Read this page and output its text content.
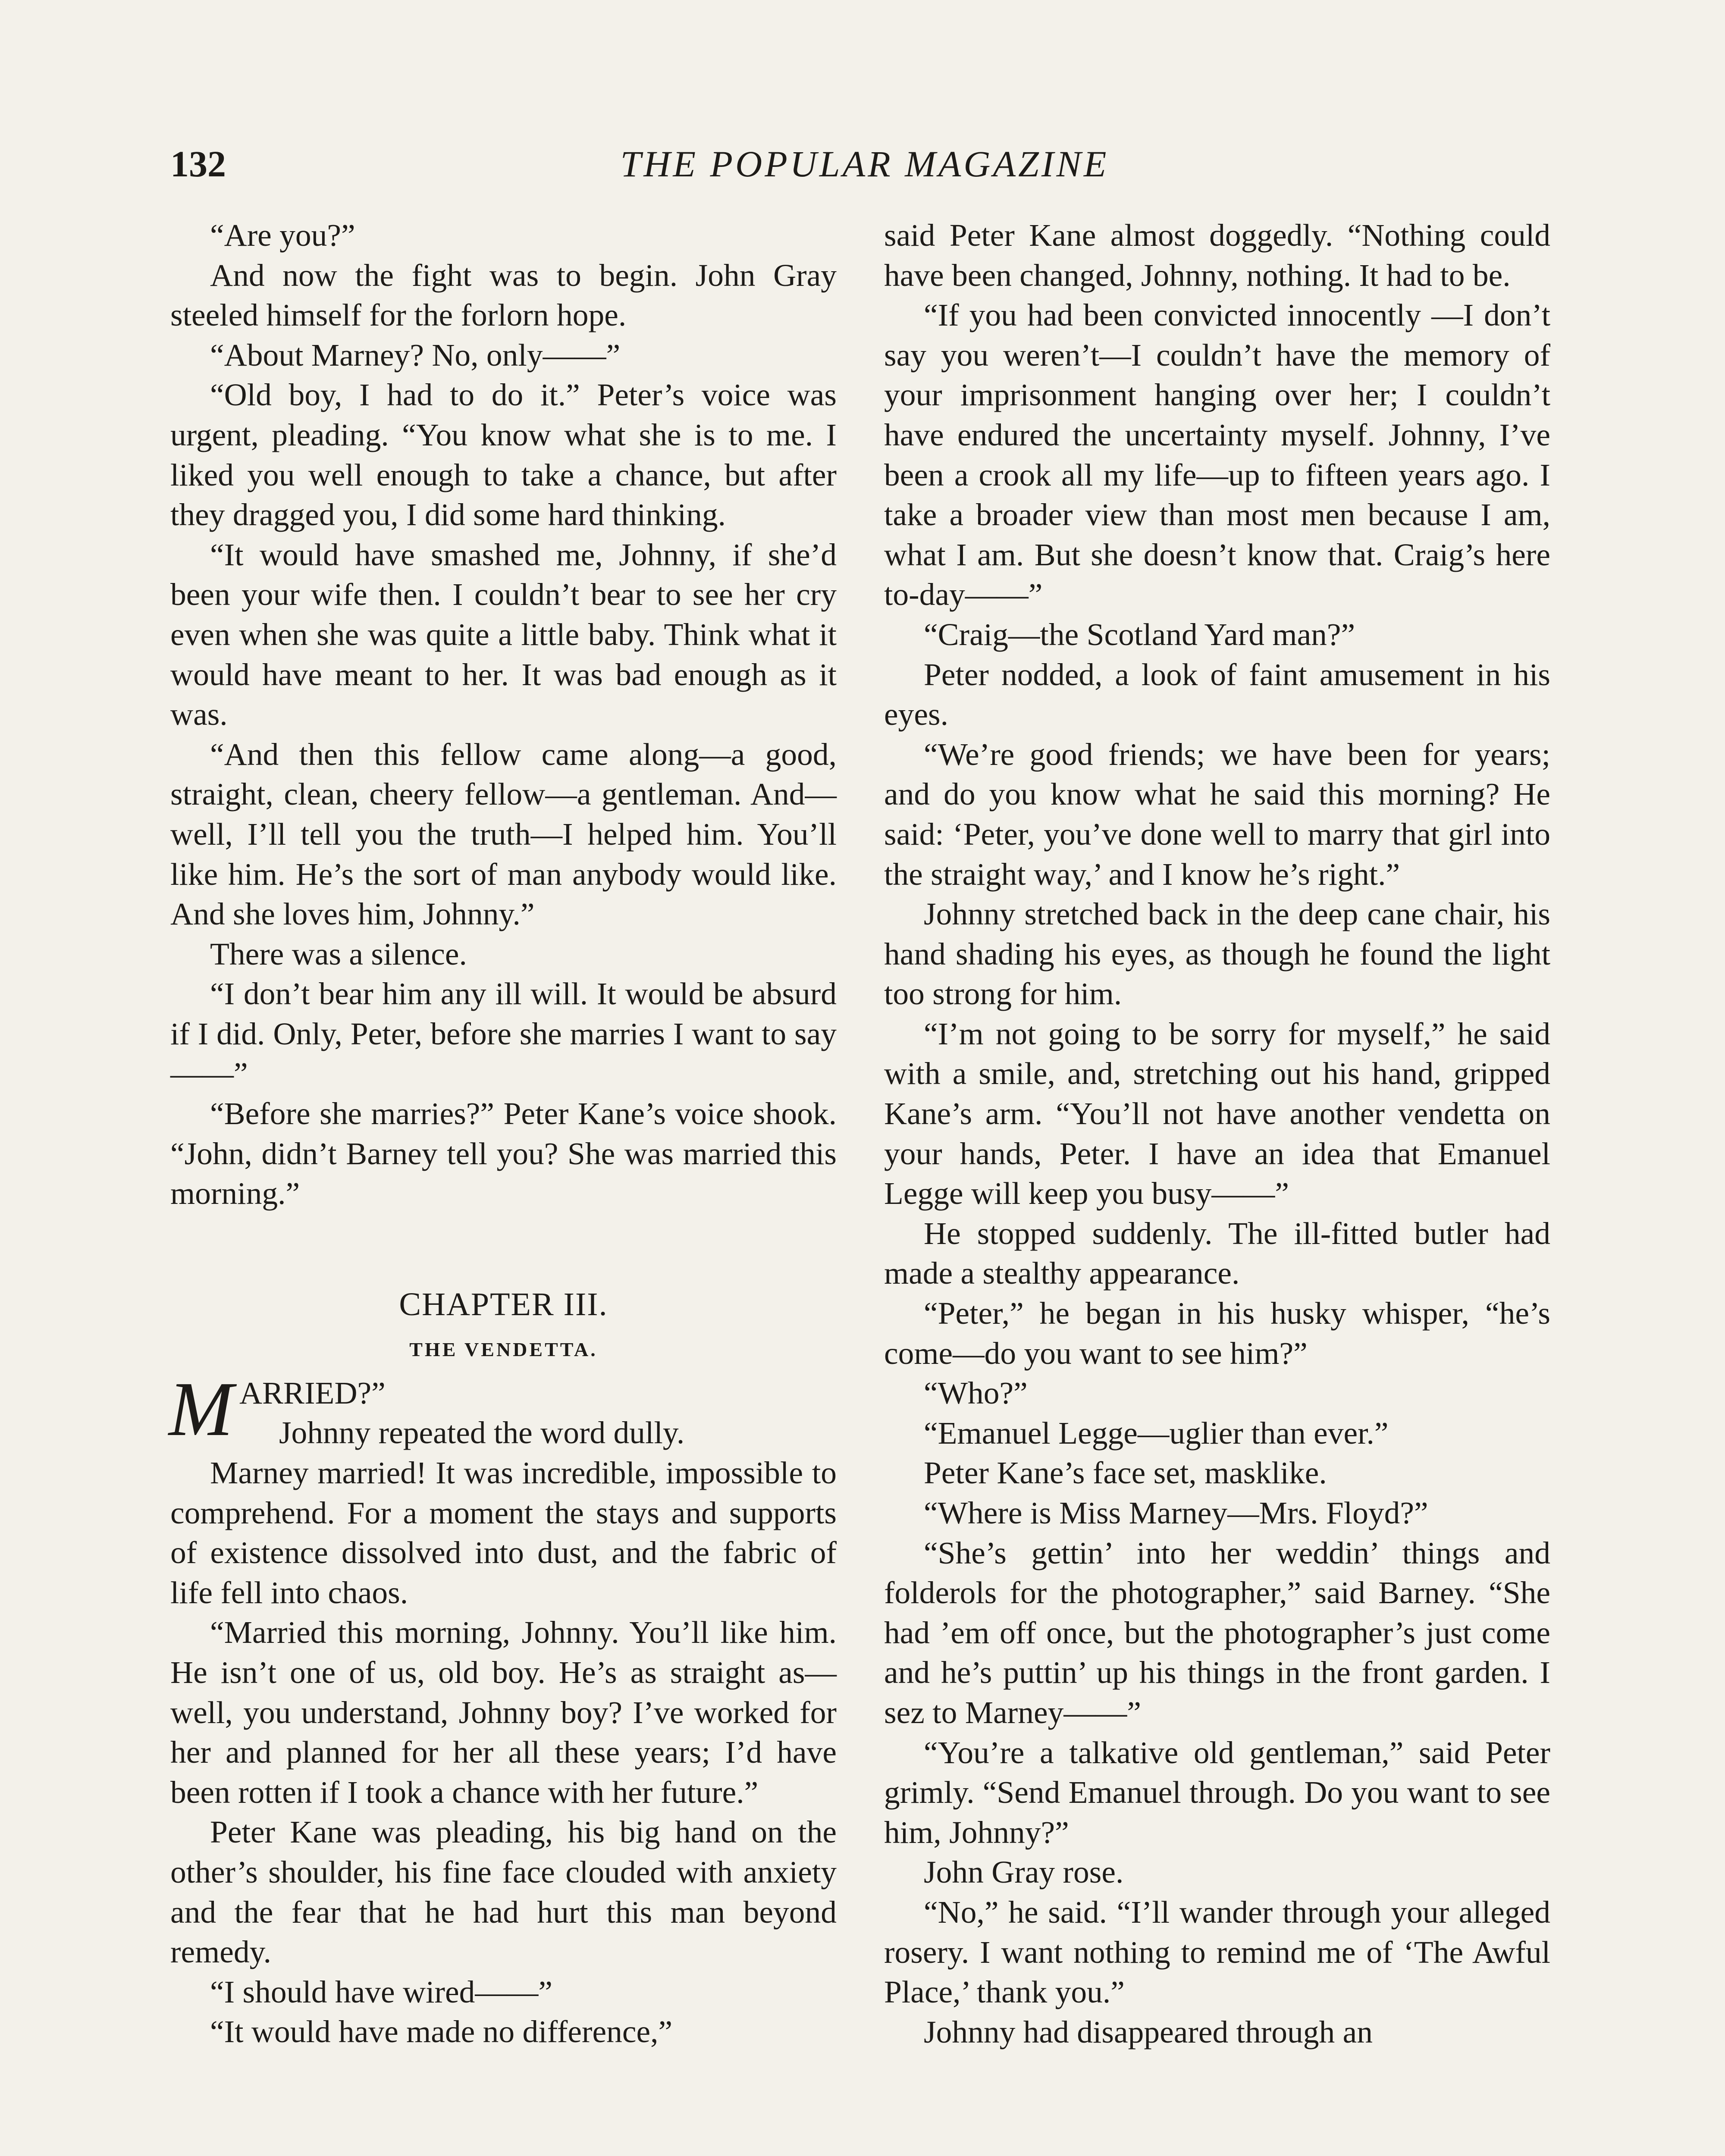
132	THE POPULAR MAGAZINE

“Are you?”

And now the fight was to begin. John Gray steeled himself for the forlorn hope.

“About Marney? No, only——”

“Old boy, I had to do it.” Peter’s voice was urgent, pleading. “You know what she is to me. I liked you well enough to take a chance, but after they dragged you, I did some hard thinking.

“It would have smashed me, Johnny, if she’d been your wife then. I couldn’t bear to see her cry even when she was quite a little baby. Think what it would have meant to her. It was bad enough as it was.

“And then this fellow came along—a good, straight, clean, cheery fellow—a gentleman. And—well, I’ll tell you the truth—I helped him. You’ll like him. He’s the sort of man anybody would like. And she loves him, Johnny.”

There was a silence.

“I don’t bear him any ill will. It would be absurd if I did. Only, Peter, before she marries I want to say——”

“Before she marries?” Peter Kane’s voice shook. “John, didn’t Barney tell you? She was married this morning.”

CHAPTER III.
THE VENDETTA.

MARRIED?”

Johnny repeated the word dully.

Marney married! It was incredible, impossible to comprehend. For a moment the stays and supports of existence dissolved into dust, and the fabric of life fell into chaos.

“Married this morning, Johnny. You’ll like him. He isn’t one of us, old boy. He’s as straight as—well, you understand, Johnny boy? I’ve worked for her and planned for her all these years; I’d have been rotten if I took a chance with her future.”

Peter Kane was pleading, his big hand on the other’s shoulder, his fine face clouded with anxiety and the fear that he had hurt this man beyond remedy.

“I should have wired——”

“It would have made no difference,”

said Peter Kane almost doggedly. “Nothing could have been changed, Johnny, nothing. It had to be.

“If you had been convicted innocently —I don’t say you weren’t—I couldn’t have the memory of your imprisonment hanging over her; I couldn’t have endured the uncertainty myself. Johnny, I’ve been a crook all my life—up to fifteen years ago. I take a broader view than most men because I am, what I am. But she doesn’t know that. Craig’s here to-day——”

“Craig—the Scotland Yard man?”

Peter nodded, a look of faint amusement in his eyes.

“We’re good friends; we have been for years; and do you know what he said this morning? He said: ‘Peter, you’ve done well to marry that girl into the straight way,’ and I know he’s right.”

Johnny stretched back in the deep cane chair, his hand shading his eyes, as though he found the light too strong for him.

“I’m not going to be sorry for myself,” he said with a smile, and, stretching out his hand, gripped Kane’s arm. “You’ll not have another vendetta on your hands, Peter. I have an idea that Emanuel Legge will keep you busy——”

He stopped suddenly. The ill-fitted butler had made a stealthy appearance.

“Peter,” he began in his husky whisper, “he’s come—do you want to see him?”

“Who?”

“Emanuel Legge—uglier than ever.”

Peter Kane’s face set, masklike.

“Where is Miss Marney—Mrs. Floyd?”

“She’s gettin’ into her weddin’ things and folderols for the photographer,” said Barney. “She had ’em off once, but the photographer’s just come and he’s puttin’ up his things in the front garden. I sez to Marney——”

“You’re a talkative old gentleman,” said Peter grimly. “Send Emanuel through. Do you want to see him, Johnny?”

John Gray rose.

“No,” he said. “I’ll wander through your alleged rosery. I want nothing to remind me of ‘The Awful Place,’ thank you.”

Johnny had disappeared through an
